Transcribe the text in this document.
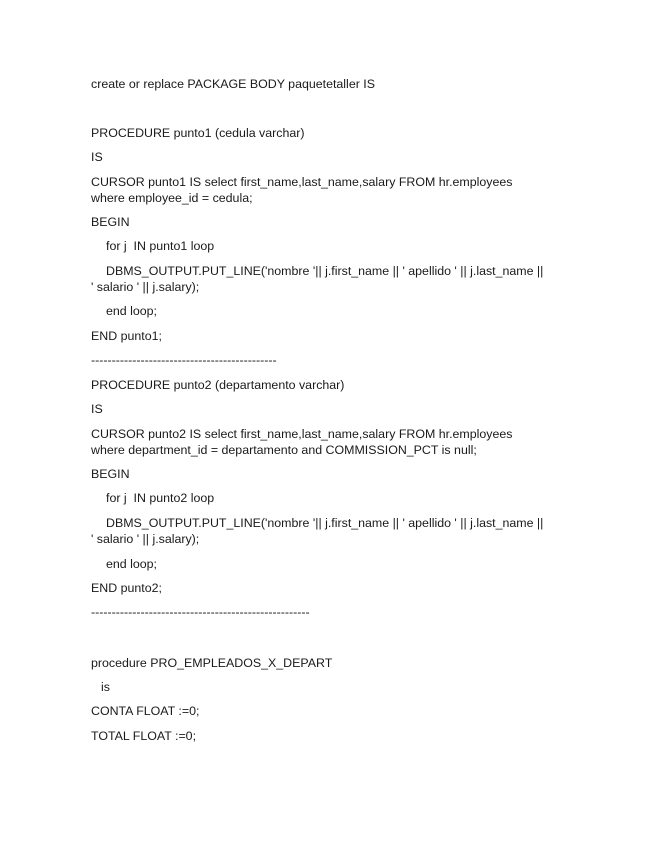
create or replace PACKAGE BODY paquetetaller IS
PROCEDURE punto1 (cedula varchar)
IS
CURSOR punto1 IS select first_name,last_name,salary FROM hr.employees
where employee_id = cedula;
BEGIN
for j  IN punto1 loop
DBMS_OUTPUT.PUT_LINE('nombre '|| j.first_name || ' apellido ' || j.last_name ||
' salario ' || j.salary);
end loop;
END punto1;
---------------------------------------------
PROCEDURE punto2 (departamento varchar)
IS
CURSOR punto2 IS select first_name,last_name,salary FROM hr.employees
where department_id = departamento and COMMISSION_PCT is null;
BEGIN
for j  IN punto2 loop
DBMS_OUTPUT.PUT_LINE('nombre '|| j.first_name || ' apellido ' || j.last_name ||
' salario ' || j.salary);
end loop;
END punto2;
-----------------------------------------------------
procedure PRO_EMPLEADOS_X_DEPART
is
CONTA FLOAT :=0;
TOTAL FLOAT :=0;
